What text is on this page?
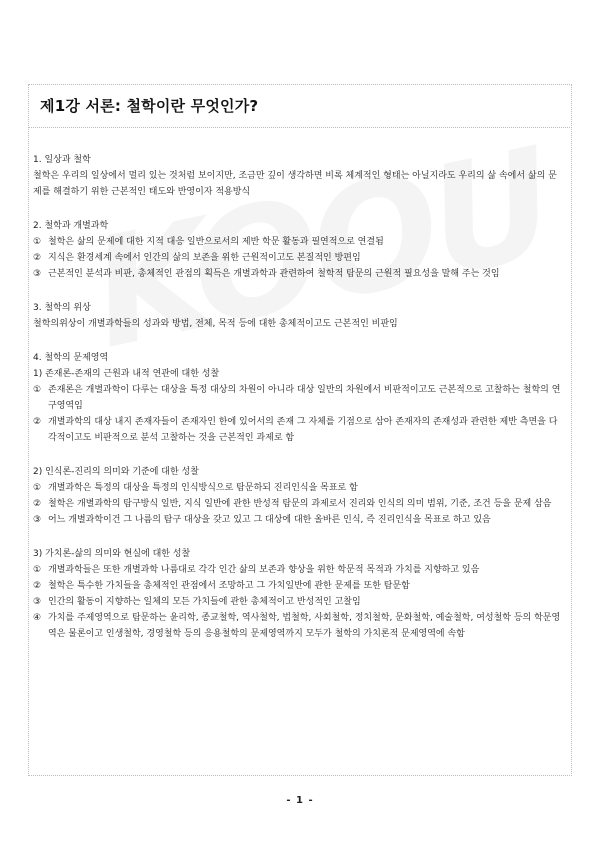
제1강 서론: 철학이란 무엇인가?

1. 일상과 철학

철학은 우리의 일상에서 멀리 있는 것처럼 보이지만, 조금만 깊이 생각하면 비록 체계적인 형태는 아닐지라도 우리의 삶 속에서 삶의 문제를 해결하기 위한 근본적인 태도와 반영이자 적용방식

2. 철학과 개별과학

① 철학은 삶의 문제에 대한 지적 대응 일반으로서의 제반 학문 활동과 필연적으로 연결됨
② 지식은 환경세계 속에서 인간의 삶의 보존을 위한 근원적이고도 본질적인 방편임
③ 근본적인 분석과 비판, 총체적인 관점의 획득은 개별과학과 관련하여 철학적 탐문의 근원적 필요성을 말해 주는 것임

3. 철학의 위상

철학의위상이 개별과학들의 성과와 방법, 전체, 목적 등에 대한 총체적이고도 근본적인 비판임

4. 철학의 문제영역

1) 존재론-존재의 근원과 내적 연관에 대한 성찰

① 존재론은 개별과학이 다루는 대상을 특정 대상의 차원이 아니라 대상 일반의 차원에서 비판적이고도 근본적으로 고찰하는 철학의 연구영역임
② 개별과학의 대상 내지 존재자들이 존재자인 한에 있어서의 존재 그 자체를 기점으로 삼아 존재자의 존재성과 관련한 제반 측면을 다각적이고도 비판적으로 분석 고찰하는 것을 근본적인 과제로 함

2) 인식론-진리의 의미와 기준에 대한 성찰

① 개별과학은 특정의 대상을 특정의 인식방식으로 탐문하되 진리인식을 목표로 함
② 철학은 개별과학의 탐구방식 일반, 지식 일반에 관한 반성적 탐문의 과제로서 진리와 인식의 의미 범위, 기준, 조건 등을 문제 삼음
③ 어느 개별과학이건 그 나름의 탐구 대상을 갖고 있고 그 대상에 대한 올바른 인식, 즉 진리인식을 목표로 하고 있음

3) 가치론-삶의 의미와 현실에 대한 성찰

① 개별과학들은 또한 개별과학 나름대로 각각 인간 삶의 보존과 향상을 위한 학문적 목적과 가치를 지향하고 있음
② 철학은 특수한 가치들을 총체적인 관점에서 조망하고 그 가치일반에 관한 문제를 또한 탐문함
③ 인간의 활동이 지향하는 일체의 모든 가치들에 관한 총체적이고 반성적인 고찰임
④ 가치를 주제영역으로 탐문하는 윤리학, 종교철학, 역사철학, 법철학, 사회철학, 정치철학, 문화철학, 예술철학, 여성철학 등의 학문영역은 물론이고 인생철학, 경영철학 등의 응용철학의 문제영역까지 모두가 철학의 가치론적 문제영역에 속함
- 1 -
